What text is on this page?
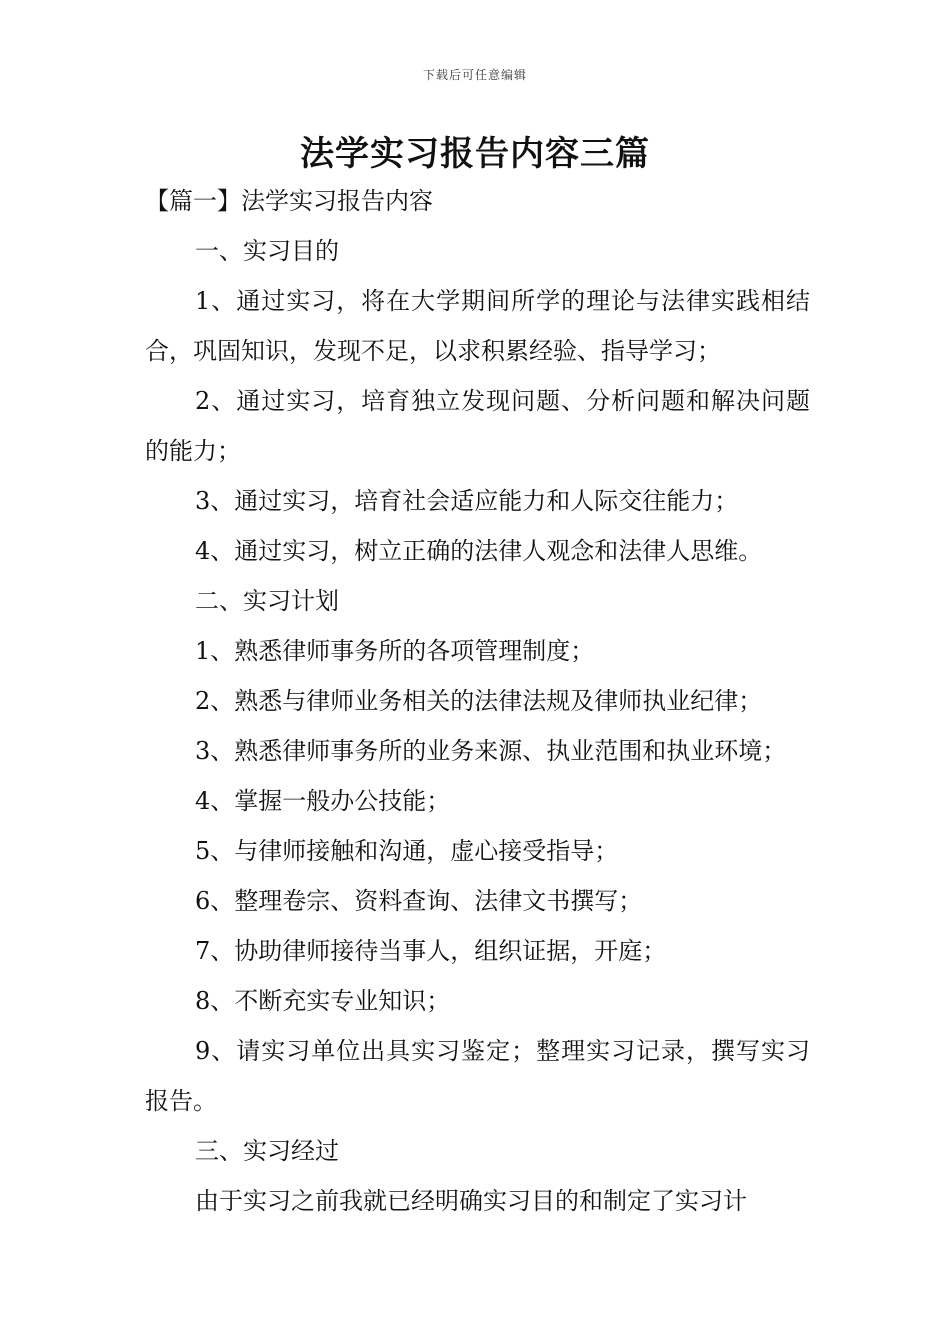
下载后可任意编辑
法学实习报告内容三篇

【篇一】法学实习报告内容

一、实习目的

1、通过实习，将在大学期间所学的理论与法律实践相结合，巩固知识，发现不足，以求积累经验、指导学习；

2、通过实习，培育独立发现问题、分析问题和解决问题的能力；

3、通过实习，培育社会适应能力和人际交往能力；

4、通过实习，树立正确的法律人观念和法律人思维。

二、实习计划

1、熟悉律师事务所的各项管理制度；

2、熟悉与律师业务相关的法律法规及律师执业纪律；

3、熟悉律师事务所的业务来源、执业范围和执业环境；

4、掌握一般办公技能；

5、与律师接触和沟通，虚心接受指导；

6、整理卷宗、资料查询、法律文书撰写；

7、协助律师接待当事人，组织证据，开庭；

8、不断充实专业知识；

9、请实习单位出具实习鉴定；整理实习记录，撰写实习报告。

三、实习经过

由于实习之前我就已经明确实习目的和制定了实习计
